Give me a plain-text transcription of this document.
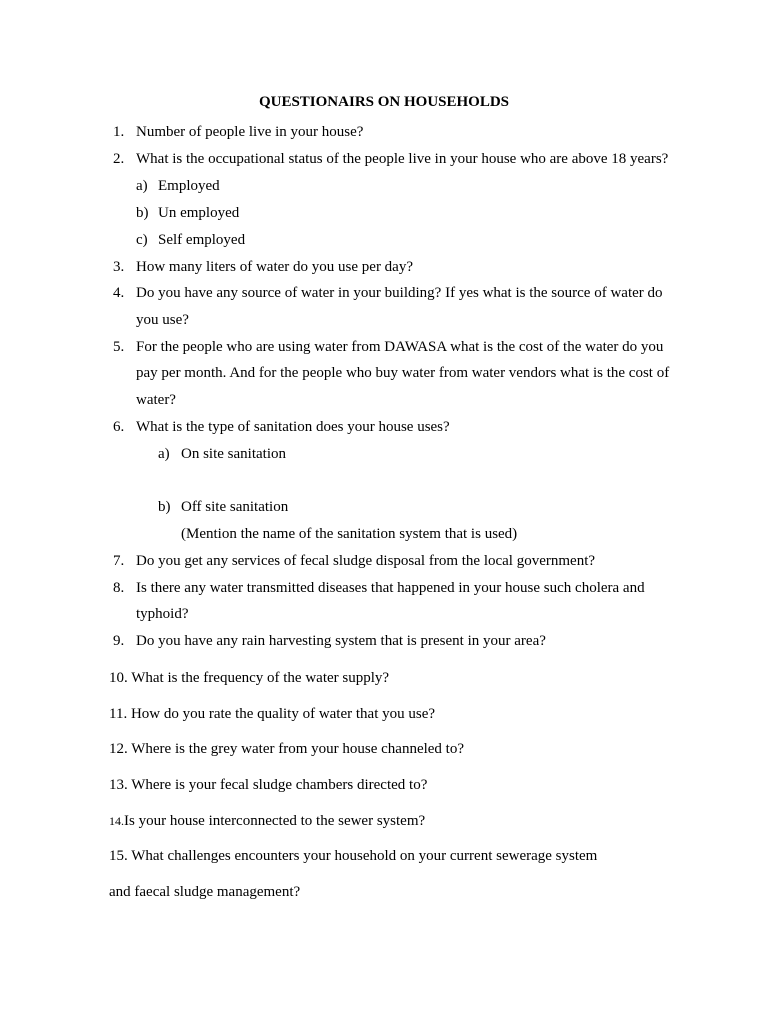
QUESTIONAIRS ON HOUSEHOLDS
1. Number of people live in your house?
2. What is the occupational status of the people live in your house who are above 18 years?
a) Employed
b) Un employed
c) Self employed
3. How many liters of water do you use per day?
4. Do you have any source of water in your building? If yes what is the source of water do
you use?
5. For the people who are using water from DAWASA what is the cost of the water do you
pay per month. And for the people who buy water from water vendors what is the cost of
water?
6. What is the type of sanitation does your house uses?
a) On site sanitation
b) Off site sanitation
(Mention the name of the sanitation system that is used)
7. Do you get any services of fecal sludge disposal from the local government?
8. Is there any water transmitted diseases that happened in your house such cholera and
typhoid?
9. Do you have any rain harvesting system that is present in your area?
10. What is the frequency of the water supply?
11. How do you rate the quality of water that you use?
12. Where is the grey water from your house channeled to?
13. Where is your fecal sludge chambers directed to?
14.Is your house interconnected to the sewer system?
15. What challenges encounters your household on your current sewerage system
and faecal sludge management?
